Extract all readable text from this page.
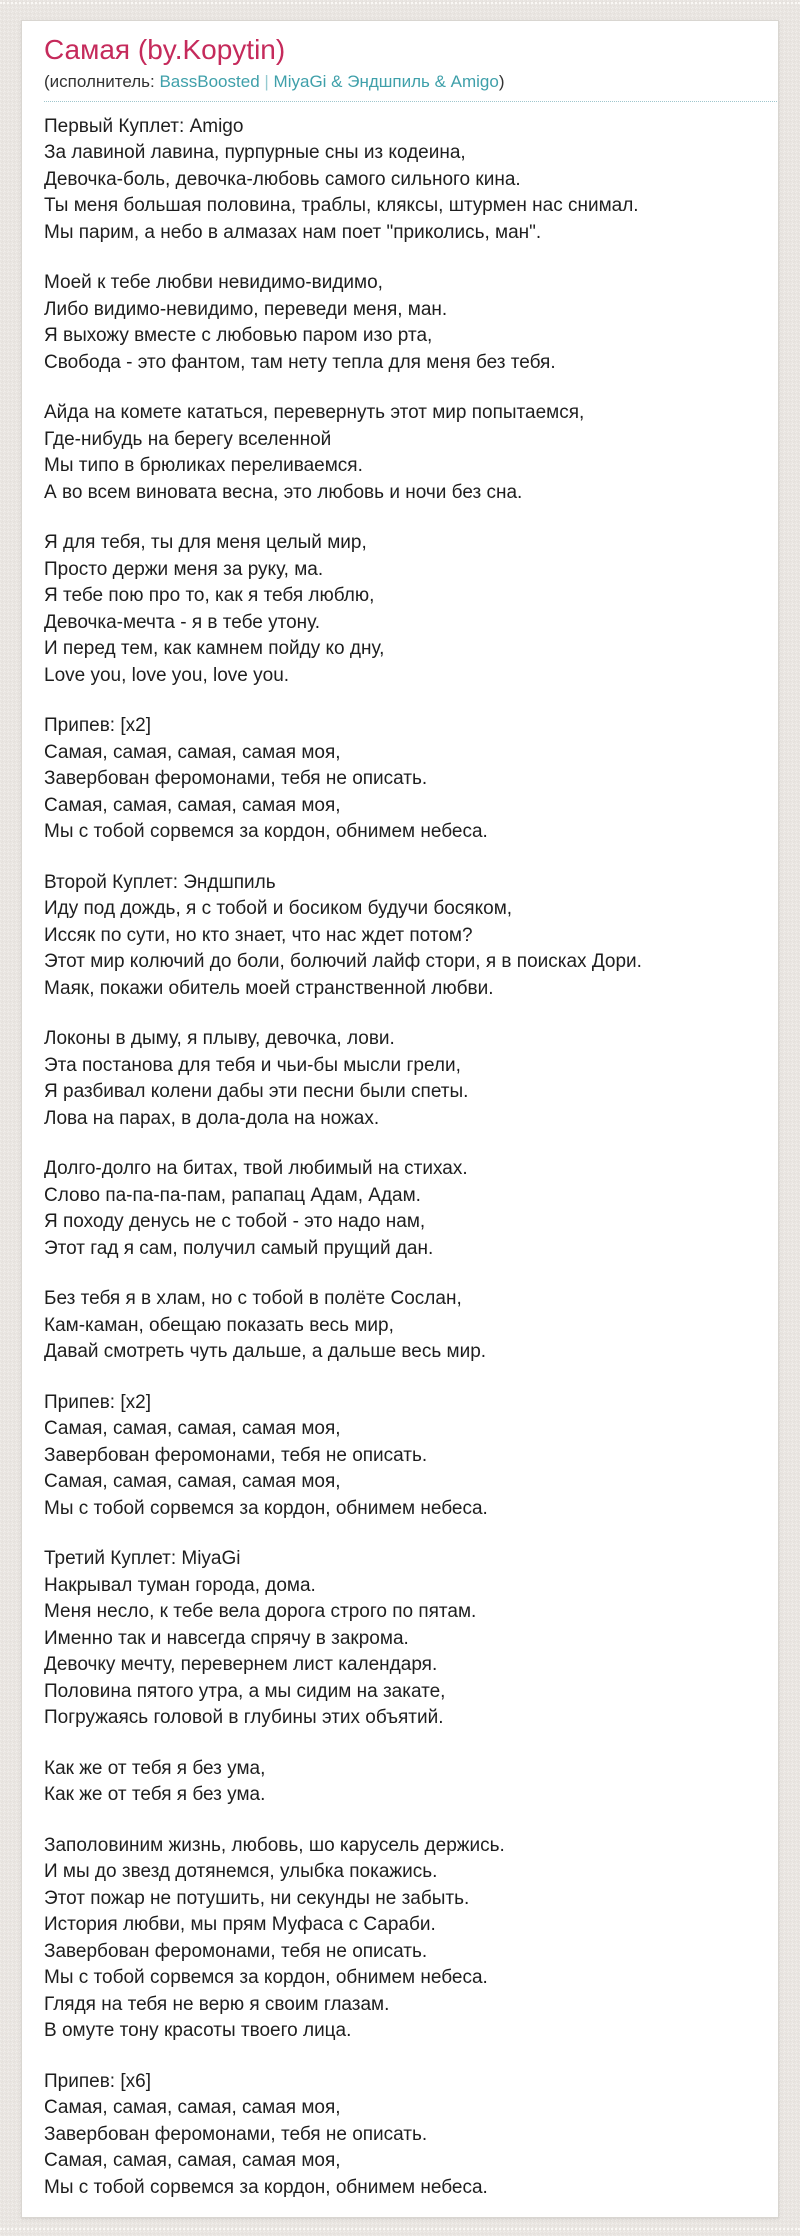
Самая (by.Kopytin)
(исполнитель: BassBoosted | MiyaGi & Эндшпиль & Amigo)

Первый Куплет: Amigo
За лавиной лавина, пурпурные сны из кодеина,
Девочка-боль, девочка-любовь самого сильного кина.
Ты меня большая половина, траблы, кляксы, штурмен нас снимал.
Мы парим, а небо в алмазах нам поет "приколись, ман".

Моей к тебе любви невидимо-видимо,
Либо видимо-невидимо, переведи меня, ман.
Я выхожу вместе с любовью паром изо рта,
Свобода - это фантом, там нету тепла для меня без тебя.

Айда на комете кататься, перевернуть этот мир попытаемся,
Где-нибудь на берегу вселенной
Мы типо в брюликах переливаемся.
А во всем виновата весна, это любовь и ночи без сна.

Я для тебя, ты для меня целый мир,
Просто держи меня за руку, ма.
Я тебе пою про то, как я тебя люблю,
Девочка-мечта - я в тебе утону.
И перед тем, как камнем пойду ко дну,
Love you, love you, love you.

Припев: [x2]
Самая, самая, самая, самая моя,
Завербован феромонами, тебя не описать.
Самая, самая, самая, самая моя,
Мы с тобой сорвемся за кордон, обнимем небеса.

Второй Куплет: Эндшпиль
Иду под дождь, я с тобой и босиком будучи босяком,
Иссяк по сути, но кто знает, что нас ждет потом?
Этот мир колючий до боли, болючий лайф стори, я в поисках Дори.
Маяк, покажи обитель моей странственной любви.

Локоны в дыму, я плыву, девочка, лови.
Эта постанова для тебя и чьи-бы мысли грели,
Я разбивал колени дабы эти песни были спеты.
Лова на парах, в дола-дола на ножах.

Долго-долго на битах, твой любимый на стихах.
Слово па-па-па-пам, рапапац Адам, Адам.
Я походу денусь не с тобой - это надо нам,
Этот гад я сам, получил самый прущий дан.

Без тебя я в хлам, но с тобой в полёте Сослан,
Кам-каман, обещаю показать весь мир,
Давай смотреть чуть дальше, а дальше весь мир.

Припев: [x2]
Самая, самая, самая, самая моя,
Завербован феромонами, тебя не описать.
Самая, самая, самая, самая моя,
Мы с тобой сорвемся за кордон, обнимем небеса.

Третий Куплет: MiyaGi
Накрывал туман города, дома.
Меня несло, к тебе вела дорога строго по пятам.
Именно так и навсегда спрячу в закрома.
Девочку мечту, перевернем лист календаря.
Половина пятого утра, а мы сидим на закате,
Погружаясь головой в глубины этих объятий.

Как же от тебя я без ума,
Как же от тебя я без ума.

Заполовиним жизнь, любовь, шо карусель держись.
И мы до звезд дотянемся, улыбка покажись.
Этот пожар не потушить, ни секунды не забыть.
История любви, мы прям Муфаса с Сараби.
Завербован феромонами, тебя не описать.
Мы с тобой сорвемся за кордон, обнимем небеса.
Глядя на тебя не верю я своим глазам.
В омуте тону красоты твоего лица.

Припев: [x6]
Самая, самая, самая, самая моя,
Завербован феромонами, тебя не описать.
Самая, самая, самая, самая моя,
Мы с тобой сорвемся за кордон, обнимем небеса.
